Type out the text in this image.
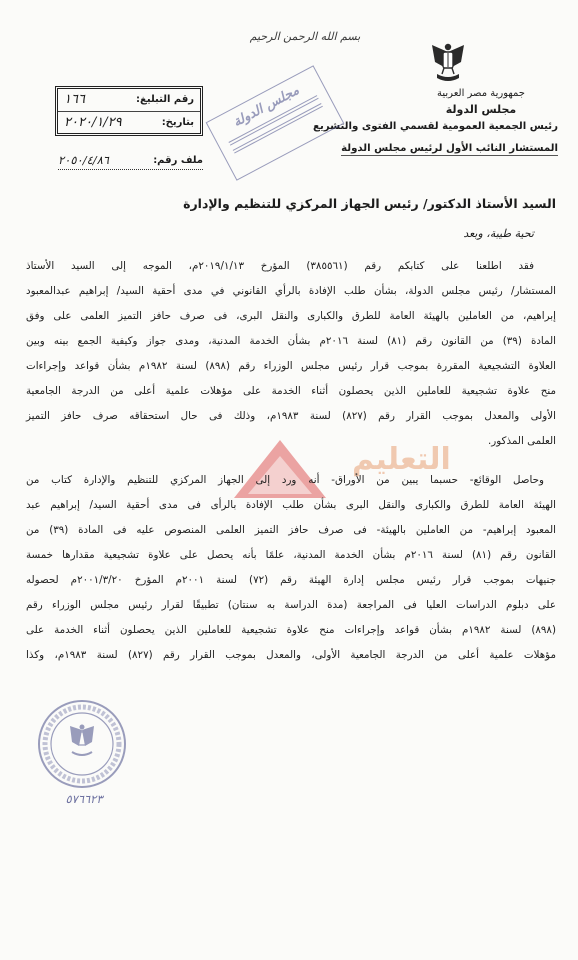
بسم الله الرحمن الرحيم
جمهورية مصر العربية
مجلس الدولة
رئيس الجمعية العمومية لقسمي الفتوى والتشريع
المستشار النائب الأول لرئيس مجلس الدولة
رقم التبليغ:
١٦٦
بتاريخ:
٢٠٢٠/١/٢٩
ملف رقم:
٢٠٥٠/٤/٨٦
مجلس الدولة
التعليم

السيد الأستاذ الدكتور/ رئيس الجهاز المركزي للتنظيم والإدارة

تحية طيبة، وبعد
فقد اطلعنا على كتابكم رقم (٣٨٥٥٦١) المؤرخ ٢٠١٩/١/١٣م، الموجه إلى السيد الأستاذ
المستشار/ رئيس مجلس الدولة، بشأن طلب الإفادة بالرأي القانوني في مدى أحقية السيد/ إبراهيم عبدالمعبود
إبراهيم، من العاملين بالهيئة العامة للطرق والكبارى والنقل البرى، فى صرف حافز التميز العلمى على وفق
المادة (٣٩) من القانون رقم (٨١) لسنة ٢٠١٦م بشأن الخدمة المدنية، ومدى جواز وكيفية الجمع بينه وبين
العلاوة التشجيعية المقررة بموجب قرار رئيس مجلس الوزراء رقم (٨٩٨) لسنة ١٩٨٢م بشأن قواعد وإجراءات
منح علاوة تشجيعية للعاملين الذين يحصلون أثناء الخدمة على مؤهلات علمية أعلى من الدرجة الجامعية
الأولى والمعدل بموجب القرار رقم (٨٢٧) لسنة ١٩٨٣م، وذلك فى حال استحقاقه صرف حافز التميز
العلمى المذكور.
وحاصل الوقائع- حسبما يبين من الأوراق- أنه ورد إلى الجهاز المركزي للتنظيم والإدارة كتاب من
الهيئة العامة للطرق والكبارى والنقل البرى بشأن طلب الإفادة بالرأى فى مدى أحقية السيد/ إبراهيم عبد
المعبود إبراهيم- من العاملين بالهيئة- فى صرف حافز التميز العلمى المنصوص عليه فى المادة (٣٩) من
القانون رقم (٨١) لسنة ٢٠١٦م بشأن الخدمة المدنية، علمًا بأنه يحصل على علاوة تشجيعية مقدارها خمسة
جنيهات بموجب قرار رئيس مجلس إدارة الهيئة رقم (٧٢) لسنة ٢٠٠١م المؤرخ ٢٠٠١/٣/٢٠م لحصوله
على دبلوم الدراسات العليا فى المراجعة (مدة الدراسة به سنتان) تطبيقًا لقرار رئيس مجلس الوزراء رقم
(٨٩٨) لسنة ١٩٨٢م بشأن قواعد وإجراءات منح علاوة تشجيعية للعاملين الذين يحصلون أثناء الخدمة على
مؤهلات علمية أعلى من الدرجة الجامعية الأولى، والمعدل بموجب القرار رقم (٨٢٧) لسنة ١٩٨٣م، وكذا
٥٧٦٦٢٣
